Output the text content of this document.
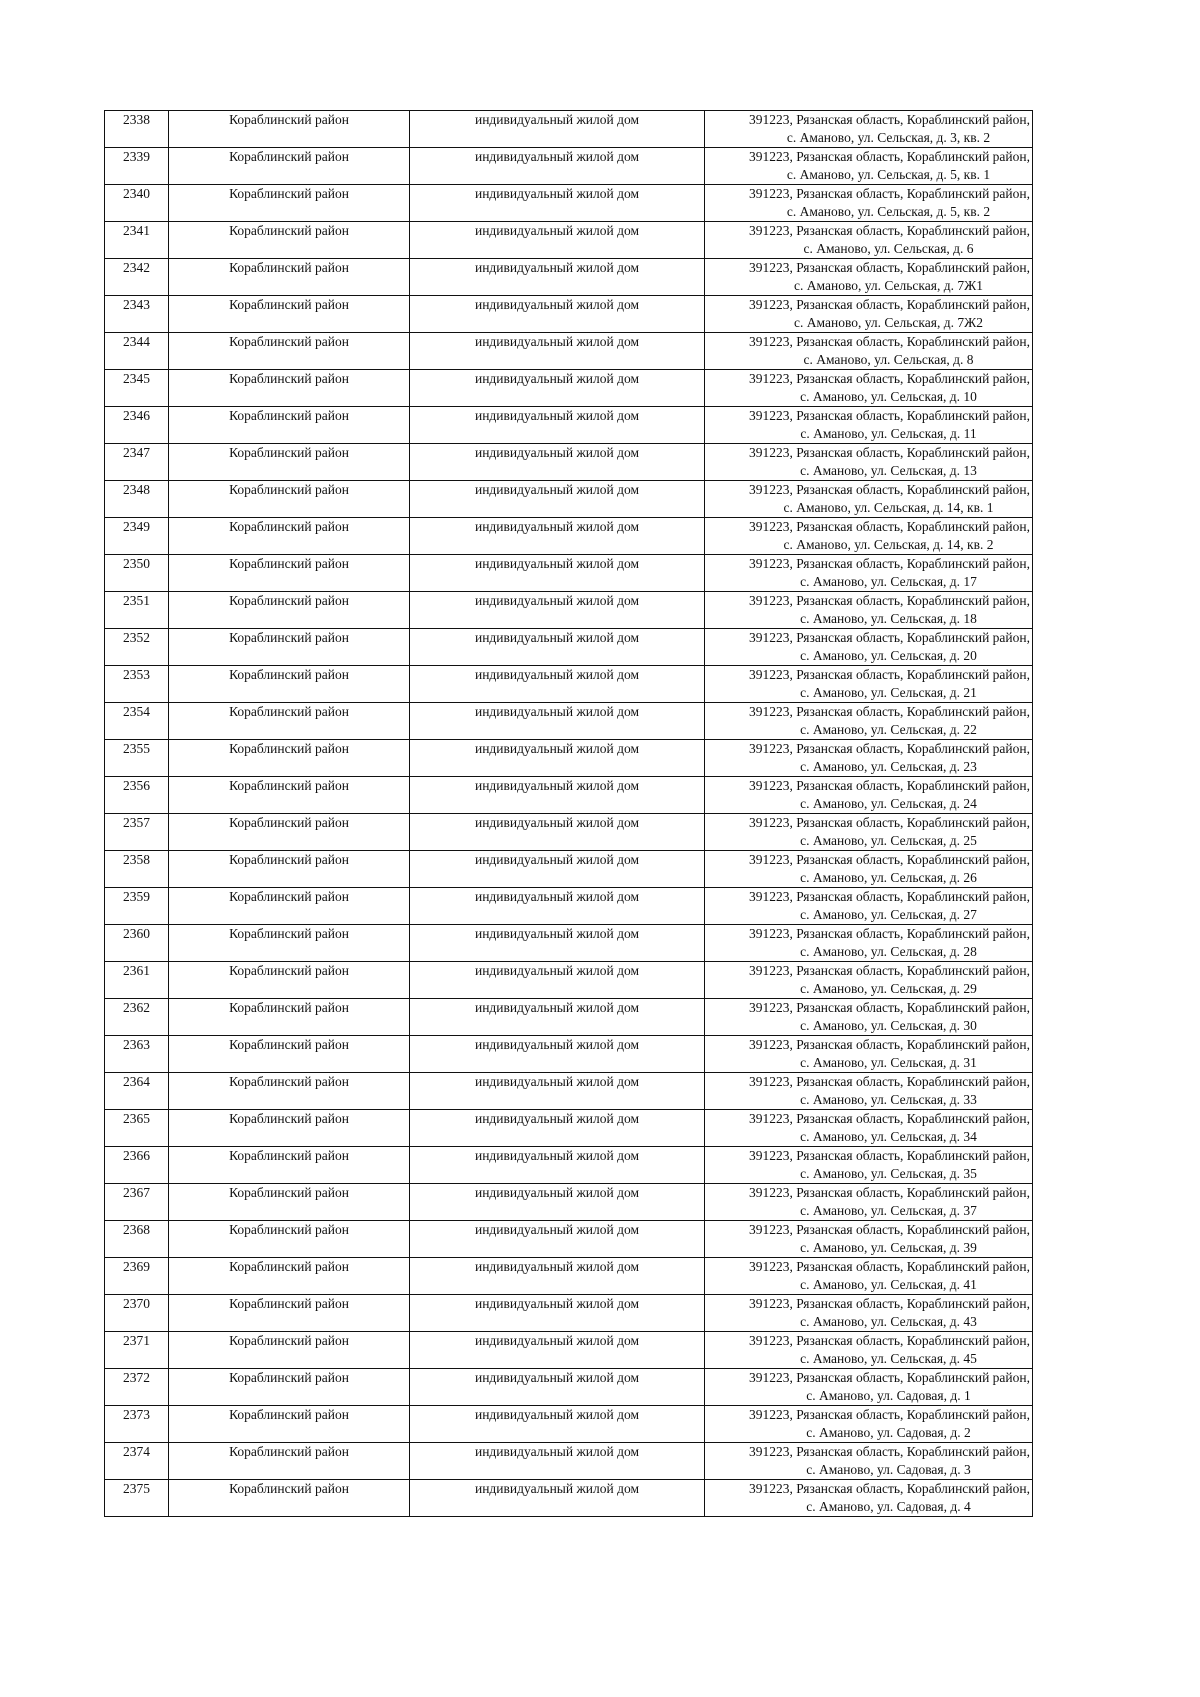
2338	Кораблинский район	индивидуальный жилой дом	391223, Рязанская область, Кораблинский район,
с. Аманово, ул. Сельская, д. 3, кв. 2

2339	Кораблинский район	индивидуальный жилой дом	391223, Рязанская область, Кораблинский район,
с. Аманово, ул. Сельская, д. 5, кв. 1

2340	Кораблинский район	индивидуальный жилой дом	391223, Рязанская область, Кораблинский район,
с. Аманово, ул. Сельская, д. 5, кв. 2

2341	Кораблинский район	индивидуальный жилой дом	391223, Рязанская область, Кораблинский район,
с. Аманово, ул. Сельская, д. 6

2342	Кораблинский район	индивидуальный жилой дом	391223, Рязанская область, Кораблинский район,
с. Аманово, ул. Сельская, д. 7Ж1

2343	Кораблинский район	индивидуальный жилой дом	391223, Рязанская область, Кораблинский район,
с. Аманово, ул. Сельская, д. 7Ж2

2344	Кораблинский район	индивидуальный жилой дом	391223, Рязанская область, Кораблинский район,
с. Аманово, ул. Сельская, д. 8

2345	Кораблинский район	индивидуальный жилой дом	391223, Рязанская область, Кораблинский район,
с. Аманово, ул. Сельская, д. 10

2346	Кораблинский район	индивидуальный жилой дом	391223, Рязанская область, Кораблинский район,
с. Аманово, ул. Сельская, д. 11

2347	Кораблинский район	индивидуальный жилой дом	391223, Рязанская область, Кораблинский район,
с. Аманово, ул. Сельская, д. 13

2348	Кораблинский район	индивидуальный жилой дом	391223, Рязанская область, Кораблинский район,
с. Аманово, ул. Сельская, д. 14, кв. 1

2349	Кораблинский район	индивидуальный жилой дом	391223, Рязанская область, Кораблинский район,
с. Аманово, ул. Сельская, д. 14, кв. 2

2350	Кораблинский район	индивидуальный жилой дом	391223, Рязанская область, Кораблинский район,
с. Аманово, ул. Сельская, д. 17

2351	Кораблинский район	индивидуальный жилой дом	391223, Рязанская область, Кораблинский район,
с. Аманово, ул. Сельская, д. 18

2352	Кораблинский район	индивидуальный жилой дом	391223, Рязанская область, Кораблинский район,
с. Аманово, ул. Сельская, д. 20

2353	Кораблинский район	индивидуальный жилой дом	391223, Рязанская область, Кораблинский район,
с. Аманово, ул. Сельская, д. 21

2354	Кораблинский район	индивидуальный жилой дом	391223, Рязанская область, Кораблинский район,
с. Аманово, ул. Сельская, д. 22

2355	Кораблинский район	индивидуальный жилой дом	391223, Рязанская область, Кораблинский район,
с. Аманово, ул. Сельская, д. 23

2356	Кораблинский район	индивидуальный жилой дом	391223, Рязанская область, Кораблинский район,
с. Аманово, ул. Сельская, д. 24

2357	Кораблинский район	индивидуальный жилой дом	391223, Рязанская область, Кораблинский район,
с. Аманово, ул. Сельская, д. 25

2358	Кораблинский район	индивидуальный жилой дом	391223, Рязанская область, Кораблинский район,
с. Аманово, ул. Сельская, д. 26

2359	Кораблинский район	индивидуальный жилой дом	391223, Рязанская область, Кораблинский район,
с. Аманово, ул. Сельская, д. 27

2360	Кораблинский район	индивидуальный жилой дом	391223, Рязанская область, Кораблинский район,
с. Аманово, ул. Сельская, д. 28

2361	Кораблинский район	индивидуальный жилой дом	391223, Рязанская область, Кораблинский район,
с. Аманово, ул. Сельская, д. 29

2362	Кораблинский район	индивидуальный жилой дом	391223, Рязанская область, Кораблинский район,
с. Аманово, ул. Сельская, д. 30

2363	Кораблинский район	индивидуальный жилой дом	391223, Рязанская область, Кораблинский район,
с. Аманово, ул. Сельская, д. 31

2364	Кораблинский район	индивидуальный жилой дом	391223, Рязанская область, Кораблинский район,
с. Аманово, ул. Сельская, д. 33

2365	Кораблинский район	индивидуальный жилой дом	391223, Рязанская область, Кораблинский район,
с. Аманово, ул. Сельская, д. 34

2366	Кораблинский район	индивидуальный жилой дом	391223, Рязанская область, Кораблинский район,
с. Аманово, ул. Сельская, д. 35

2367	Кораблинский район	индивидуальный жилой дом	391223, Рязанская область, Кораблинский район,
с. Аманово, ул. Сельская, д. 37

2368	Кораблинский район	индивидуальный жилой дом	391223, Рязанская область, Кораблинский район,
с. Аманово, ул. Сельская, д. 39

2369	Кораблинский район	индивидуальный жилой дом	391223, Рязанская область, Кораблинский район,
с. Аманово, ул. Сельская, д. 41

2370	Кораблинский район	индивидуальный жилой дом	391223, Рязанская область, Кораблинский район,
с. Аманово, ул. Сельская, д. 43

2371	Кораблинский район	индивидуальный жилой дом	391223, Рязанская область, Кораблинский район,
с. Аманово, ул. Сельская, д. 45

2372	Кораблинский район	индивидуальный жилой дом	391223, Рязанская область, Кораблинский район,
с. Аманово, ул. Садовая, д. 1

2373	Кораблинский район	индивидуальный жилой дом	391223, Рязанская область, Кораблинский район,
с. Аманово, ул. Садовая, д. 2

2374	Кораблинский район	индивидуальный жилой дом	391223, Рязанская область, Кораблинский район,
с. Аманово, ул. Садовая, д. 3

2375	Кораблинский район	индивидуальный жилой дом	391223, Рязанская область, Кораблинский район,
с. Аманово, ул. Садовая, д. 4
